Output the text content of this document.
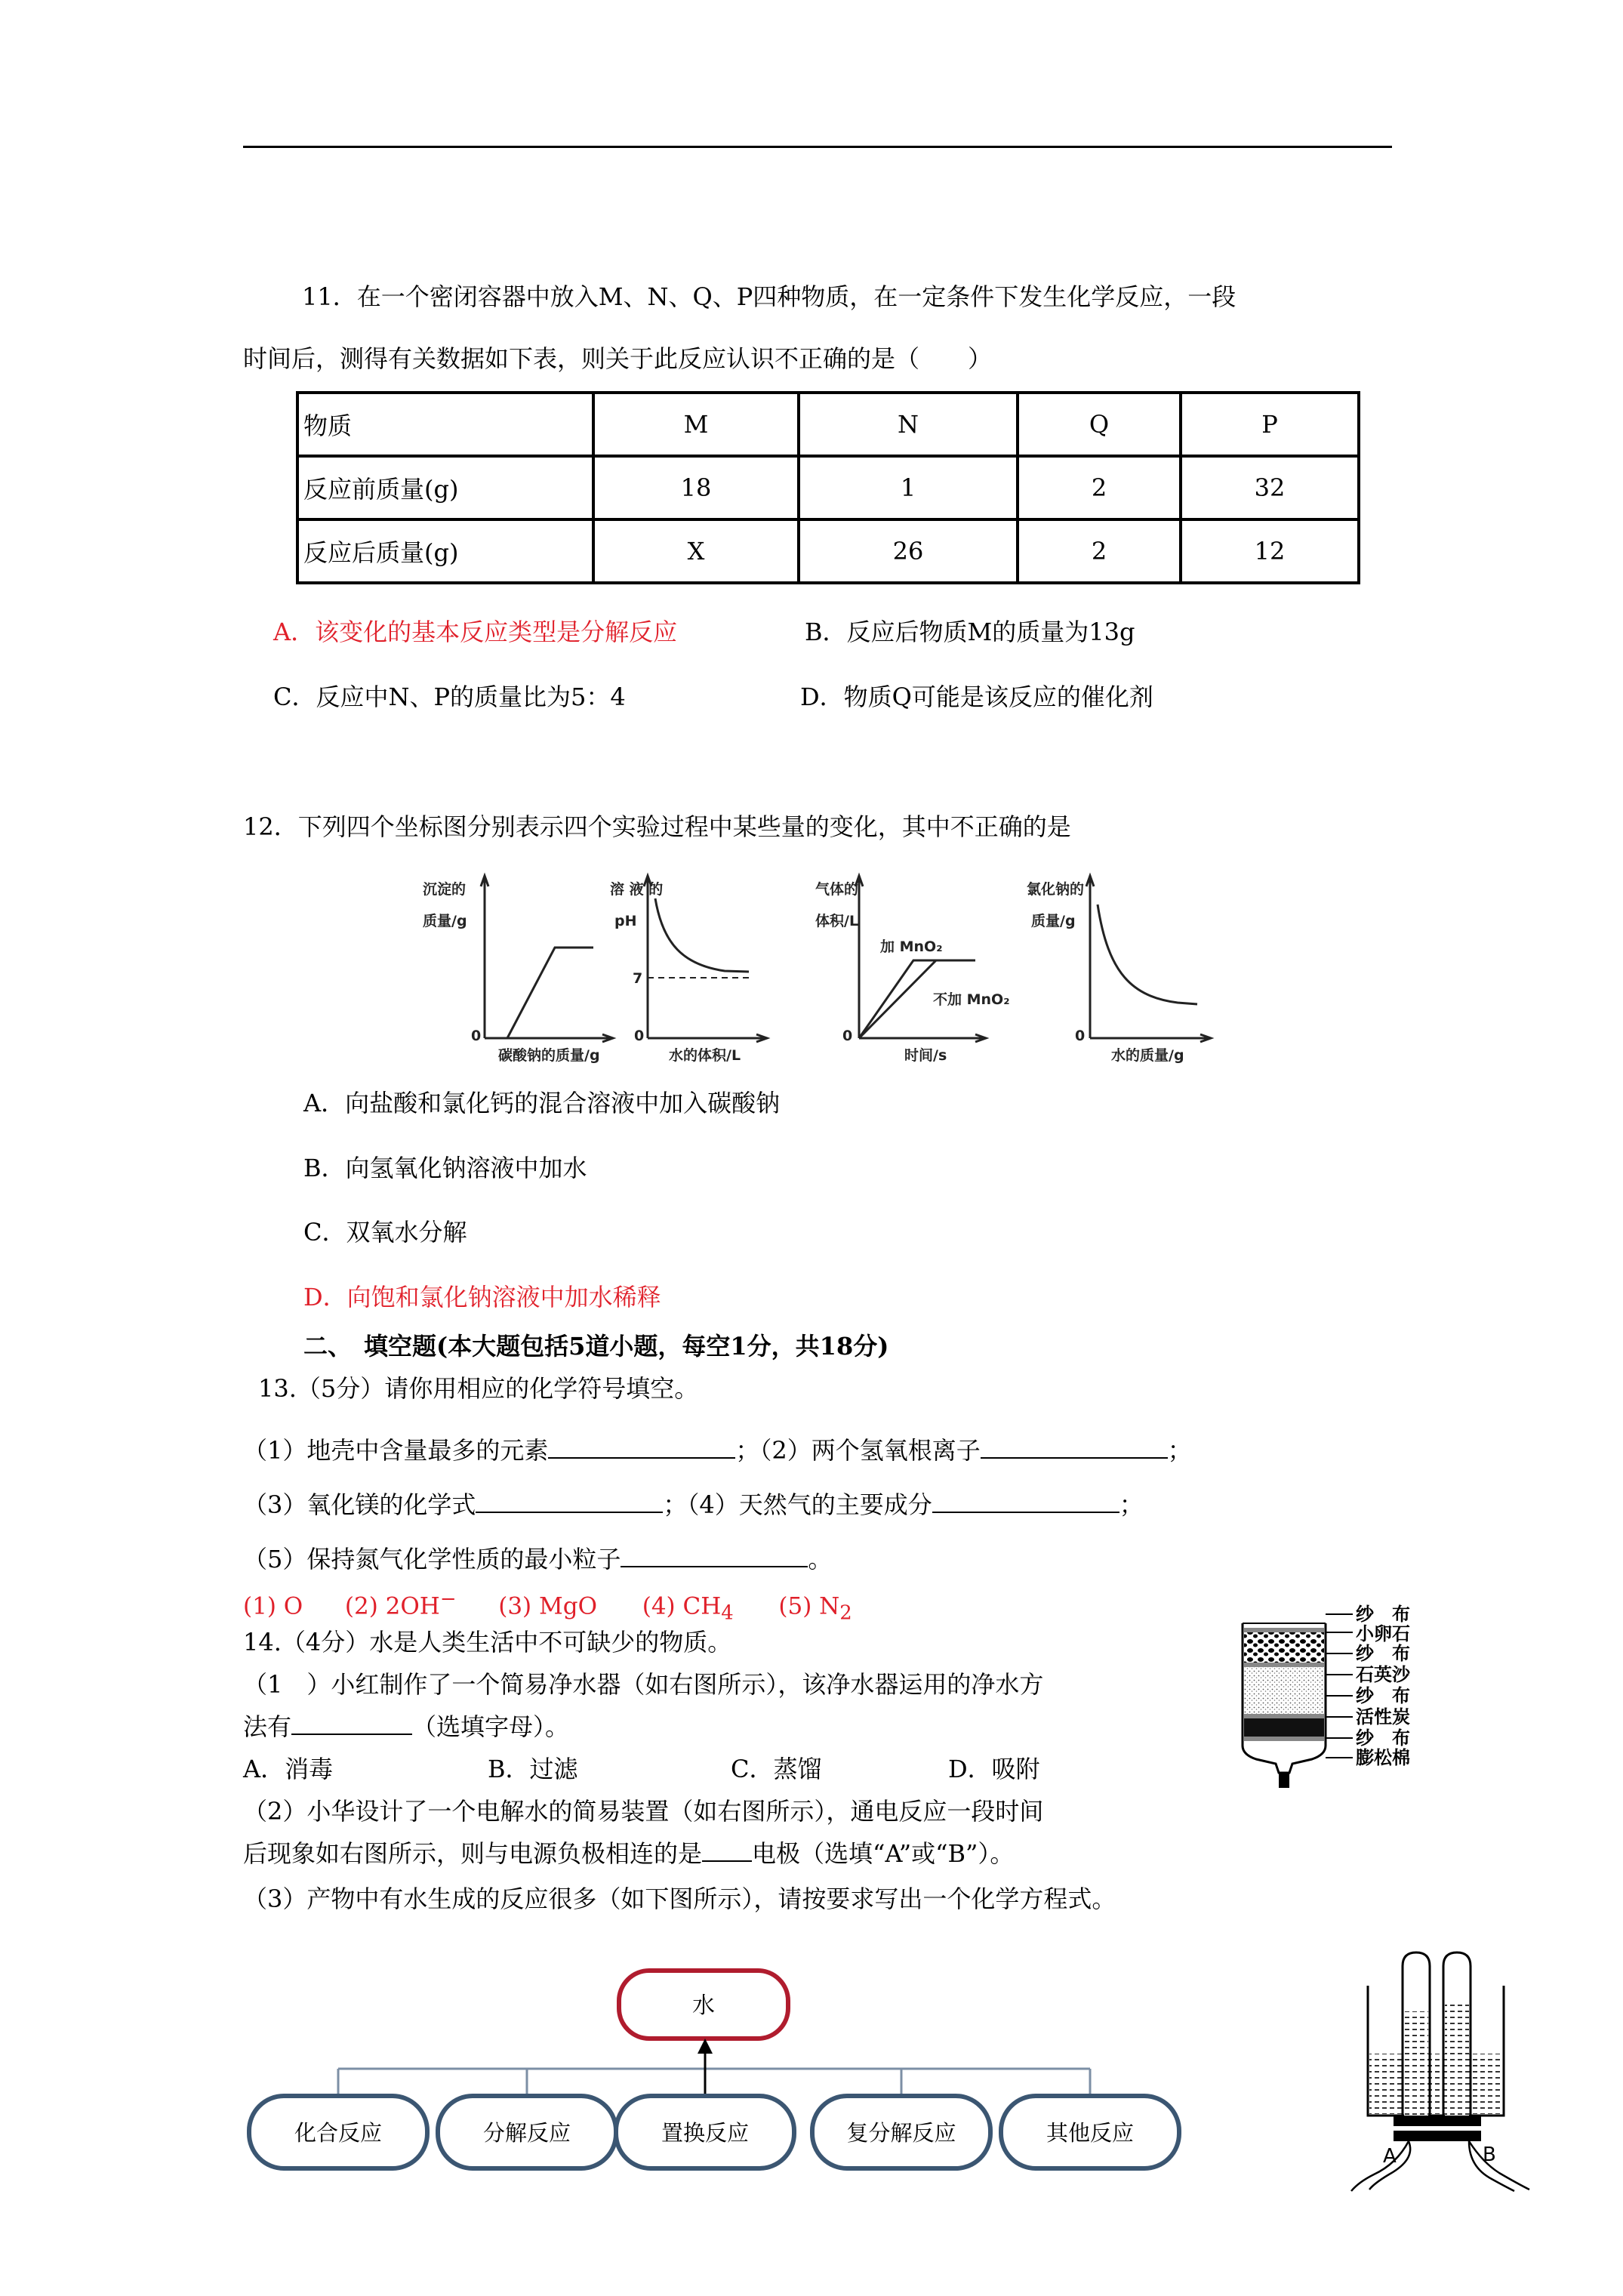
11．在一个密闭容器中放入M、N、Q、P四种物质，在一定条件下发生化学反应，一段
时间后，测得有关数据如下表，则关于此反应认识不正确的是（　　）
物质	M	N	Q	P
反应前质量(g)	18	1	2	32
反应后质量(g)	X	26	2	12
A．该变化的基本反应类型是分解反应	B．反应后物质M的质量为13g
C．反应中N、P的质量比为5：4	D．物质Q可能是该反应的催化剂
12．下列四个坐标图分别表示四个实验过程中某些量的变化，其中不正确的是
沉淀的
质量/g
0
碳酸钠的质量/g
溶 液 的
pH
7
0
水的体积/L
气体的
体积/L
加 MnO₂
不加 MnO₂
0
时间/s
氯化钠的
质量/g
0
水的质量/g
A．向盐酸和氯化钙的混合溶液中加入碳酸钠
B．向氢氧化钠溶液中加水
C．双氧水分解
D．向饱和氯化钠溶液中加水稀释
二、　填空题(本大题包括5道小题，每空1分，共18分)
13.（5分）请你用相应的化学符号填空。
（1）地壳中含量最多的元素	；（2）两个氢氧根离子	；
（3）氧化镁的化学式	；（4）天然气的主要成分	；
（5）保持氮气化学性质的最小粒子	。
(1) O (2) 2OH− (3) MgO (4) $CH_4$ (5) $N_2$
14.（4分）水是人类生活中不可缺少的物质。
（1　）小红制作了一个简易净水器（如右图所示），该净水器运用的净水方
法有	（选填字母）。
A．消毒	B．过滤	C．蒸馏	D．吸附
（2）小华设计了一个电解水的简易装置（如右图所示），通电反应一段时间
后现象如右图所示，则与电源负极相连的是 电极（选填“A”或“B”）。
（3）产物中有水生成的反应很多（如下图所示），请按要求写出一个化学方程式。
纱　布
小卵石
纱　布
石英沙
纱　布
活性炭
纱　布
膨松棉
水
化合反应	分解反应	置换反应	复分解反应	其他反应
A	B
